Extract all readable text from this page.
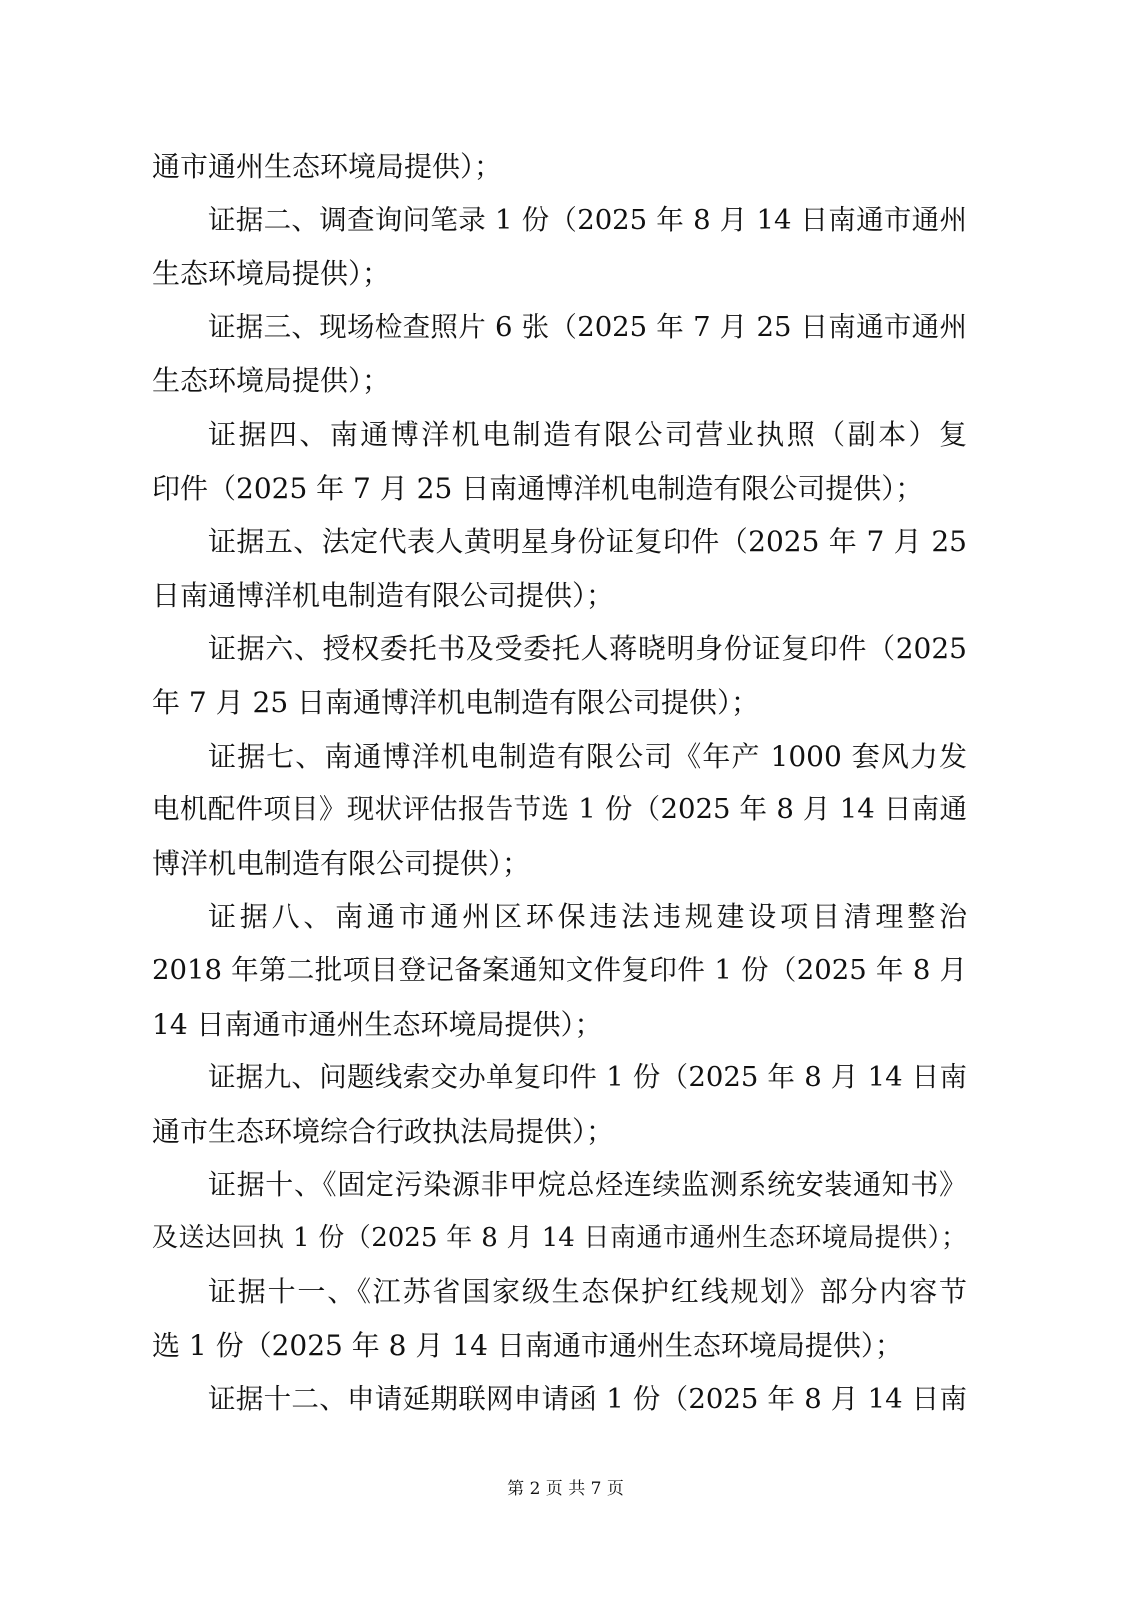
通市通州生态环境局提供）；
证据二、调查询问笔录 1 份（2025 年 8 月 14 日南通市通州
生态环境局提供）；
证据三、现场检查照片 6 张（2025 年 7 月 25 日南通市通州
生态环境局提供）；
证据四、南通博洋机电制造有限公司营业执照（副本）复
印件（2025 年 7 月 25 日南通博洋机电制造有限公司提供）；
证据五、法定代表人黄明星身份证复印件（2025 年 7 月 25
日南通博洋机电制造有限公司提供）；
证据六、授权委托书及受委托人蒋晓明身份证复印件（2025
年 7 月 25 日南通博洋机电制造有限公司提供）；
证据七、南通博洋机电制造有限公司《年产 1000 套风力发
电机配件项目》现状评估报告节选 1 份（2025 年 8 月 14 日南通
博洋机电制造有限公司提供）；
证据八、南通市通州区环保违法违规建设项目清理整治
2018 年第二批项目登记备案通知文件复印件 1 份（2025 年 8 月
14 日南通市通州生态环境局提供）；
证据九、问题线索交办单复印件 1 份（2025 年 8 月 14 日南
通市生态环境综合行政执法局提供）；
证据十、《固定污染源非甲烷总烃连续监测系统安装通知书》
及送达回执 1 份（2025 年 8 月 14 日南通市通州生态环境局提供）；
证据十一、《江苏省国家级生态保护红线规划》部分内容节
选 1 份（2025 年 8 月 14 日南通市通州生态环境局提供）；
证据十二、申请延期联网申请函 1 份（2025 年 8 月 14 日南
第 2 页 共 7 页
